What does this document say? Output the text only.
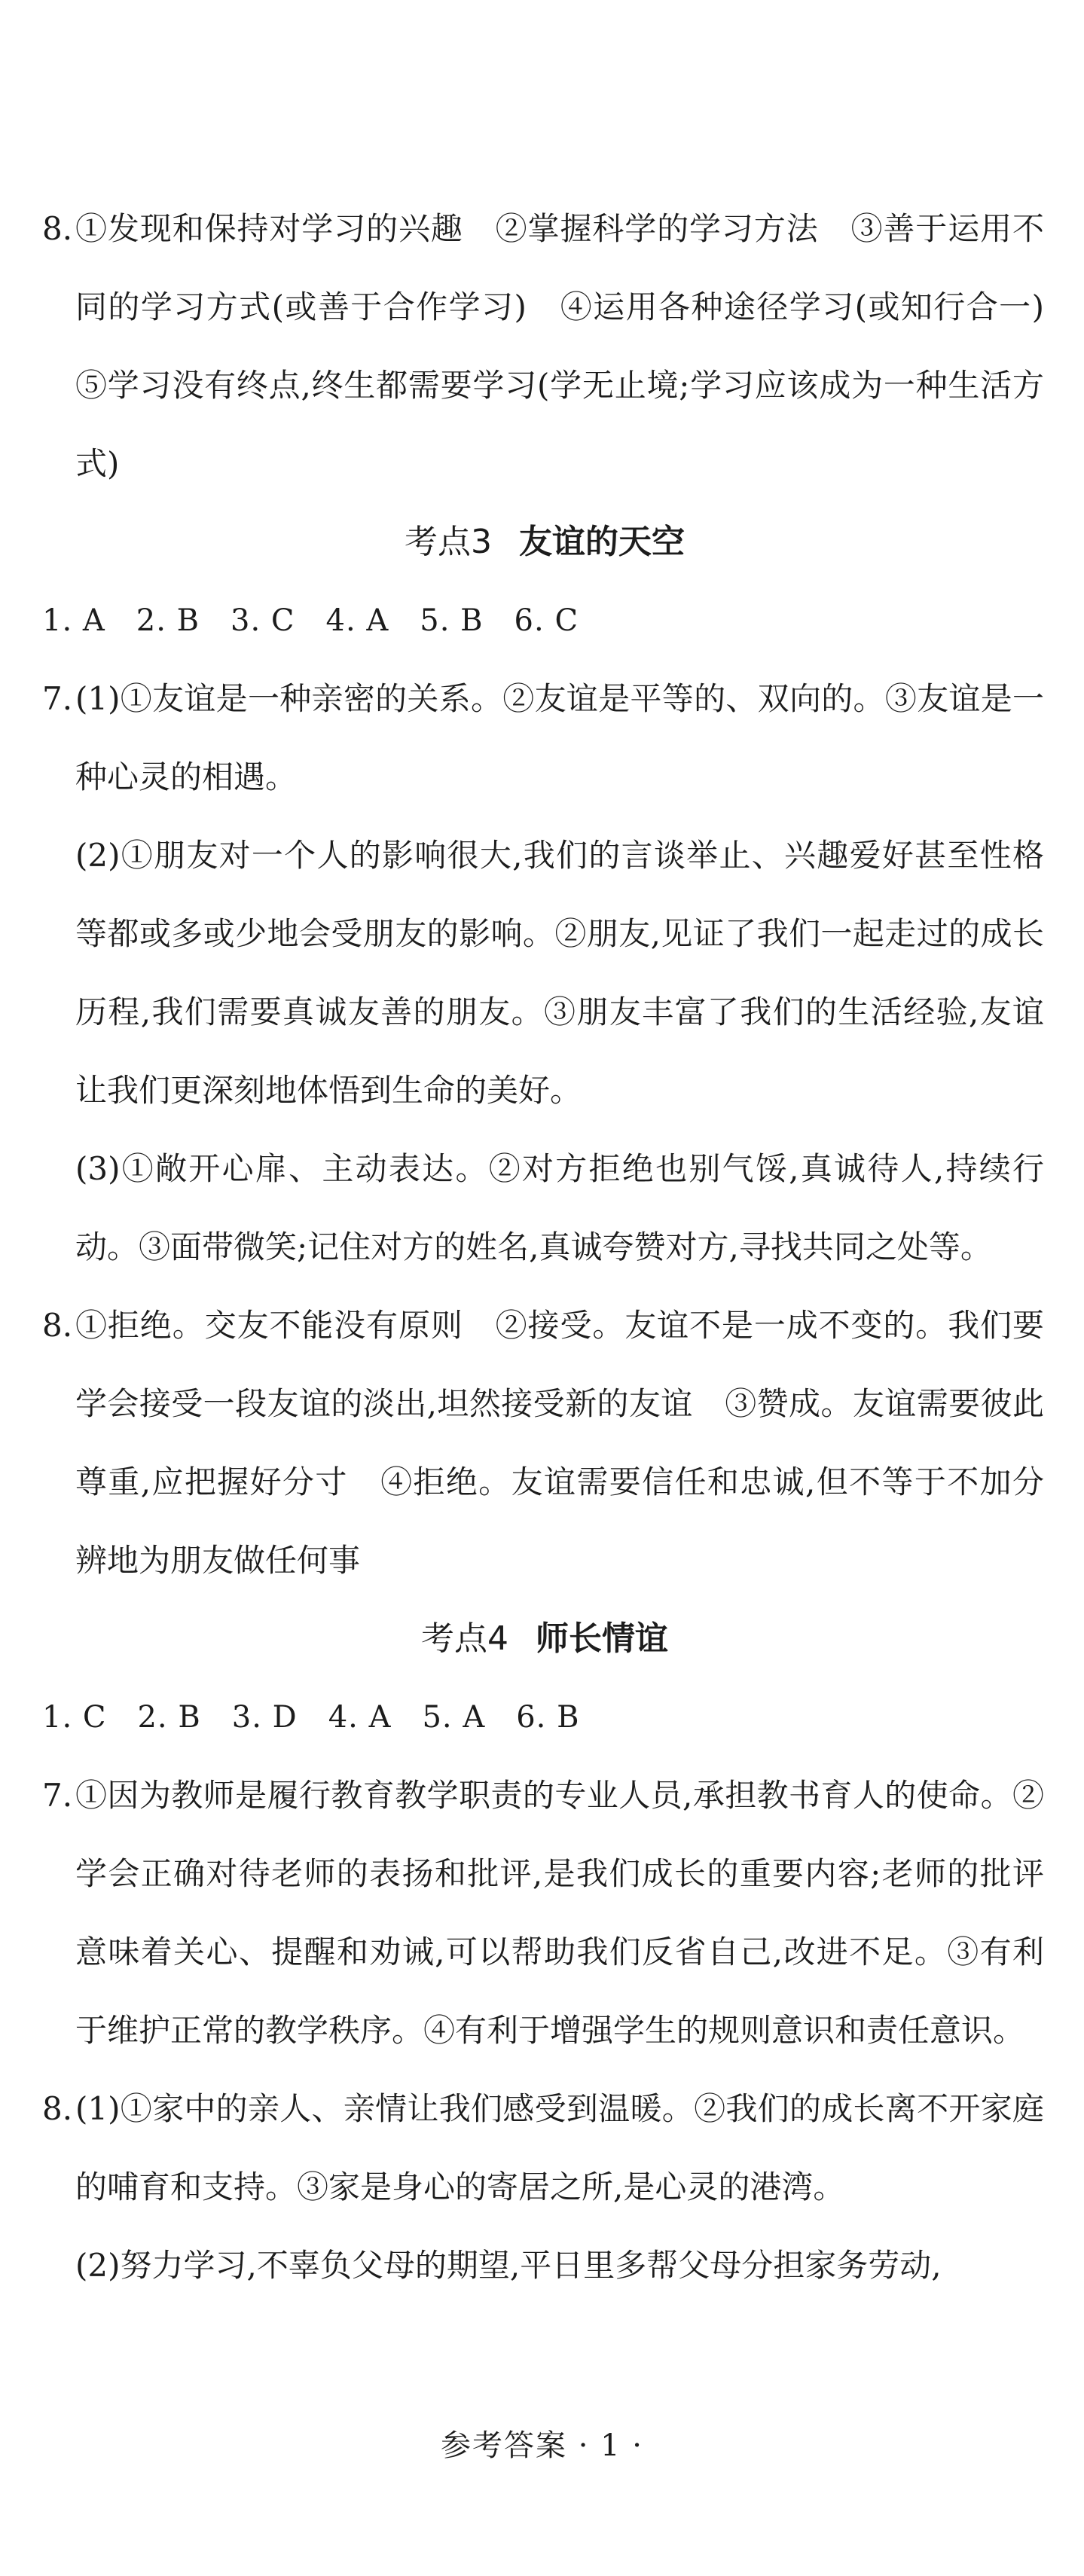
8. ①发现和保持对学习的兴趣　②掌握科学的学习方法　③善于运用不同的学习方式(或善于合作学习)　④运用各种途径学习(或知行合一)　⑤学习没有终点,终生都需要学习(学无止境;学习应该成为一种生活方式)

考点3 友谊的天空

1. A　2. B　3. C　4. A　5. B　6. C

7. (1)①友谊是一种亲密的关系。②友谊是平等的、双向的。③友谊是一种心灵的相遇。

(2)①朋友对一个人的影响很大,我们的言谈举止、兴趣爱好甚至性格等都或多或少地会受朋友的影响。②朋友,见证了我们一起走过的成长历程,我们需要真诚友善的朋友。③朋友丰富了我们的生活经验,友谊让我们更深刻地体悟到生命的美好。

(3)①敞开心扉、主动表达。②对方拒绝也别气馁,真诚待人,持续行动。③面带微笑;记住对方的姓名,真诚夸赞对方,寻找共同之处等。

8. ①拒绝。交友不能没有原则　②接受。友谊不是一成不变的。我们要学会接受一段友谊的淡出,坦然接受新的友谊　③赞成。友谊需要彼此尊重,应把握好分寸　④拒绝。友谊需要信任和忠诚,但不等于不加分辨地为朋友做任何事

考点4 师长情谊

1. C　2. B　3. D　4. A　5. A　6. B

7. ①因为教师是履行教育教学职责的专业人员,承担教书育人的使命。②学会正确对待老师的表扬和批评,是我们成长的重要内容;老师的批评意味着关心、提醒和劝诫,可以帮助我们反省自己,改进不足。③有利于维护正常的教学秩序。④有利于增强学生的规则意识和责任意识。

8. (1)①家中的亲人、亲情让我们感受到温暖。②我们的成长离不开家庭的哺育和支持。③家是身心的寄居之所,是心灵的港湾。

(2)努力学习,不辜负父母的期望,平日里多帮父母分担家务劳动,

参考答案 · 1 ·
